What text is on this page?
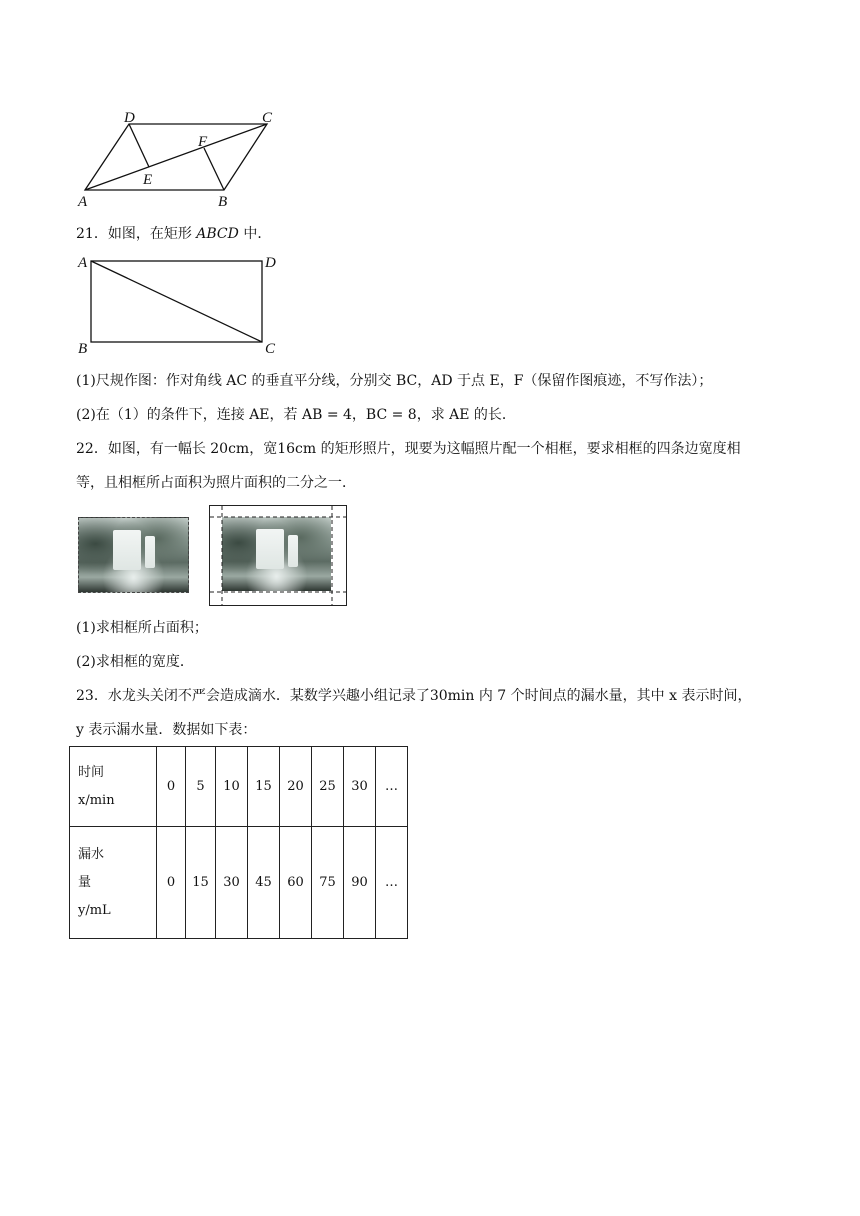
D	C
F
E
A	B
21．如图，在矩形 ABCD 中．
A	D
B	C
(1)尺规作图：作对角线 AC 的垂直平分线，分别交 BC，AD 于点 E，F（保留作图痕迹，不写作法）；
(2)在（1）的条件下，连接 AE，若 AB = 4，BC = 8，求 AE 的长．
22．如图，有一幅长 20cm，宽16cm 的矩形照片，现要为这幅照片配一个相框，要求相框的四条边宽度相
等，且相框所占面积为照片面积的二分之一．
(1)求相框所占面积；
(2)求相框的宽度．
23．水龙头关闭不严会造成滴水．某数学兴趣小组记录了30min 内 7 个时间点的漏水量，其中 x 表示时间，
y 表示漏水量．数据如下表：
时间
x/min	0	5	10	15	20	25	30	…

漏水
量
y/mL	0	15	30	45	60	75	90	…
